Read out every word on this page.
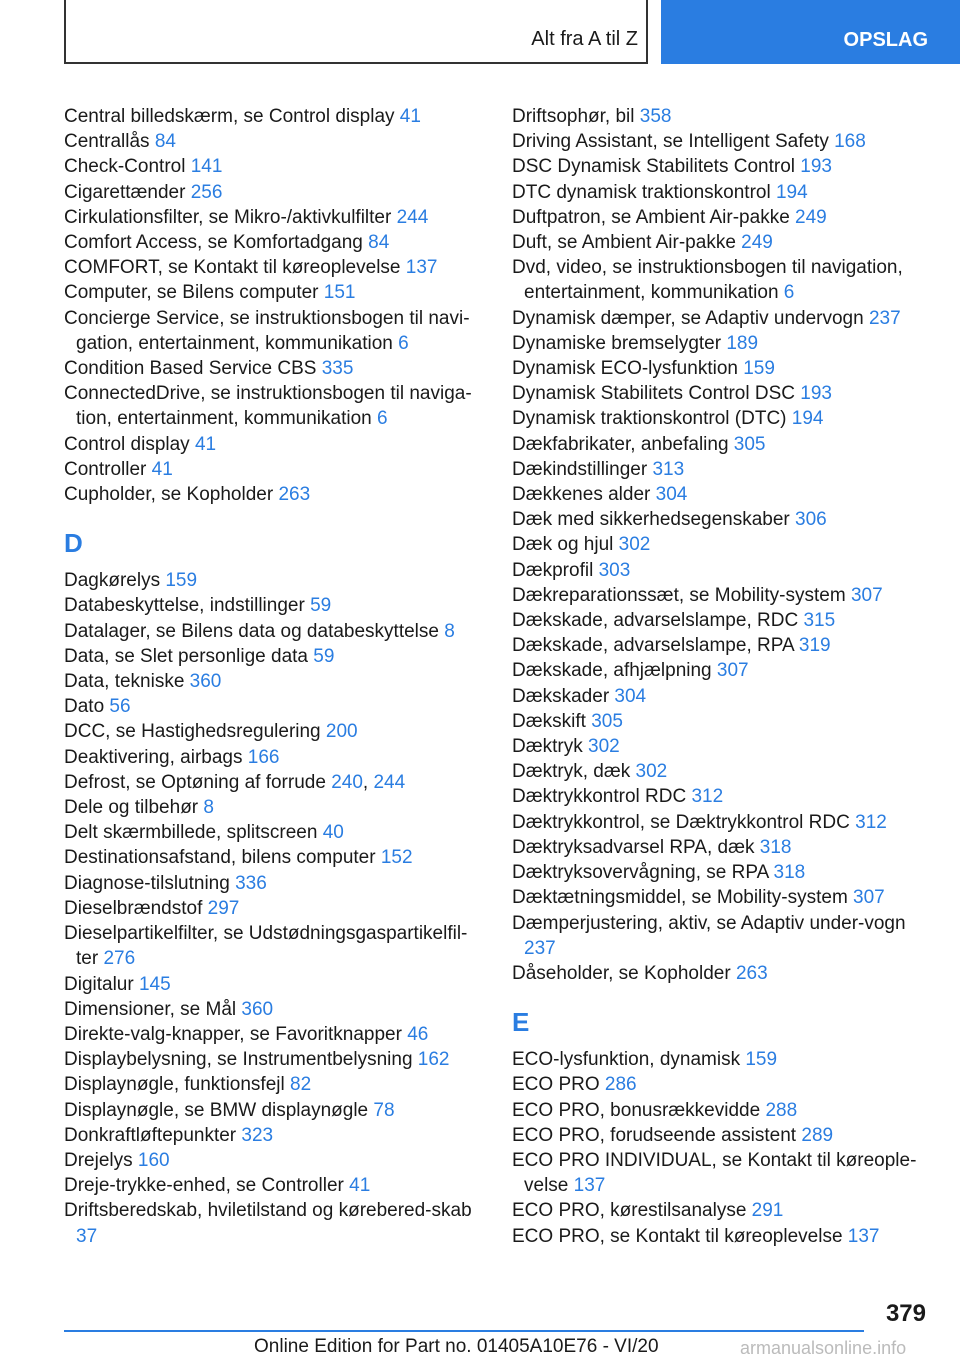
Alt fra A til Z	OPSLAG
Central billedskærm, se Control display 41
Centrallås 84
Check-Control 141
Cigarettænder 256
Cirkulationsfilter, se Mikro-/aktivkulfilter 244
Comfort Access, se Komfortadgang 84
COMFORT, se Kontakt til køreoplevelse 137
Computer, se Bilens computer 151
Concierge Service, se instruktionsbogen til navi‐gation, entertainment, kommunikation 6
Condition Based Service CBS 335
ConnectedDrive, se instruktionsbogen til naviga‐tion, entertainment, kommunikation 6
Control display 41
Controller 41
Cupholder, se Kopholder 263
D
Dagkørelys 159
Databeskyttelse, indstillinger 59
Datalager, se Bilens data og databeskyttelse 8
Data, se Slet personlige data 59
Data, tekniske 360
Dato 56
DCC, se Hastighedsregulering 200
Deaktivering, airbags 166
Defrost, se Optøning af forrude 240, 244
Dele og tilbehør 8
Delt skærmbillede, splitscreen 40
Destinationsafstand, bilens computer 152
Diagnose-tilslutning 336
Dieselbrændstof 297
Dieselpartikelfilter, se Udstødningsgaspartikelfil‐ter 276
Digitalur 145
Dimensioner, se Mål 360
Direkte-valg-knapper, se Favoritknapper 46
Displaybelysning, se Instrumentbelysning 162
Displaynøgle, funktionsfejl 82
Displaynøgle, se BMW displaynøgle 78
Donkraftløftepunkter 323
Drejelys 160
Dreje-trykke-enhed, se Controller 41
Driftsberedskab, hviletilstand og kørebered‐skab 37
Driftsophør, bil 358
Driving Assistant, se Intelligent Safety 168
DSC Dynamisk Stabilitets Control 193
DTC dynamisk traktionskontrol 194
Duftpatron, se Ambient Air-pakke 249
Duft, se Ambient Air-pakke 249
Dvd, video, se instruktionsbogen til navigation, entertainment, kommunikation 6
Dynamisk dæmper, se Adaptiv undervogn 237
Dynamiske bremselygter 189
Dynamisk ECO-lysfunktion 159
Dynamisk Stabilitets Control DSC 193
Dynamisk traktionskontrol (DTC) 194
Dækfabrikater, anbefaling 305
Dækindstillinger 313
Dækkenes alder 304
Dæk med sikkerhedsegenskaber 306
Dæk og hjul 302
Dækprofil 303
Dækreparationssæt, se Mobility-system 307
Dækskade, advarselslampe, RDC 315
Dækskade, advarselslampe, RPA 319
Dækskade, afhjælpning 307
Dækskader 304
Dækskift 305
Dæktryk 302
Dæktryk, dæk 302
Dæktrykkontrol RDC 312
Dæktrykkontrol, se Dæktrykkontrol RDC 312
Dæktryksadvarsel RPA, dæk 318
Dæktryksovervågning, se RPA 318
Dæktætningsmiddel, se Mobility-system 307
Dæmperjustering, aktiv, se Adaptiv under‐vogn 237
Dåseholder, se Kopholder 263
E
ECO-lysfunktion, dynamisk 159
ECO PRO 286
ECO PRO, bonusrækkevidde 288
ECO PRO, forudseende assistent 289
ECO PRO INDIVIDUAL, se Kontakt til køreople‐velse 137
ECO PRO, kørestilsanalyse 291
ECO PRO, se Kontakt til køreoplevelse 137
379
Online Edition for Part no. 01405A10E76 - VI/20	armanualsonline.info
